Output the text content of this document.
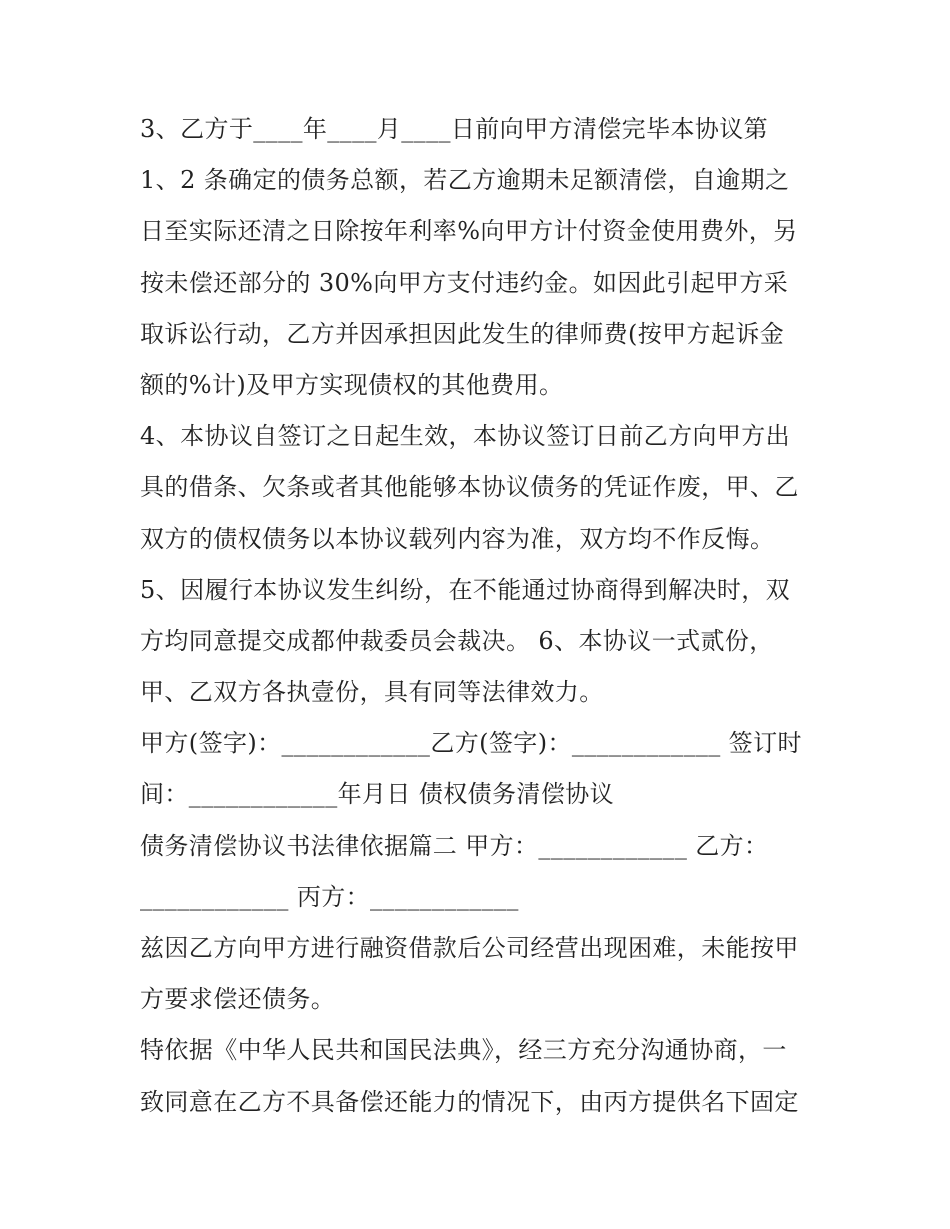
3、乙方于____年____月____日前向甲方清偿完毕本协议第
1、2 条确定的债务总额，若乙方逾期未足额清偿，自逾期之
日至实际还清之日除按年利率%向甲方计付资金使用费外，另
按未偿还部分的 30%向甲方支付违约金。如因此引起甲方采
取诉讼行动，乙方并因承担因此发生的律师费(按甲方起诉金
额的%计)及甲方实现债权的其他费用。
4、本协议自签订之日起生效，本协议签订日前乙方向甲方出
具的借条、欠条或者其他能够本协议债务的凭证作废，甲、乙
双方的债权债务以本协议载列内容为准，双方均不作反悔。
5、因履行本协议发生纠纷，在不能通过协商得到解决时，双
方均同意提交成都仲裁委员会裁决。 6、本协议一式贰份，
甲、乙双方各执壹份，具有同等法律效力。
甲方(签字)：____________乙方(签字)：____________ 签订时
间：____________年月日 债权债务清偿协议
债务清偿协议书法律依据篇二 甲方：____________ 乙方：
____________ 丙方：____________
兹因乙方向甲方进行融资借款后公司经营出现困难，未能按甲
方要求偿还债务。
特依据《中华人民共和国民法典》，经三方充分沟通协商，一
致同意在乙方不具备偿还能力的情况下，由丙方提供名下固定
